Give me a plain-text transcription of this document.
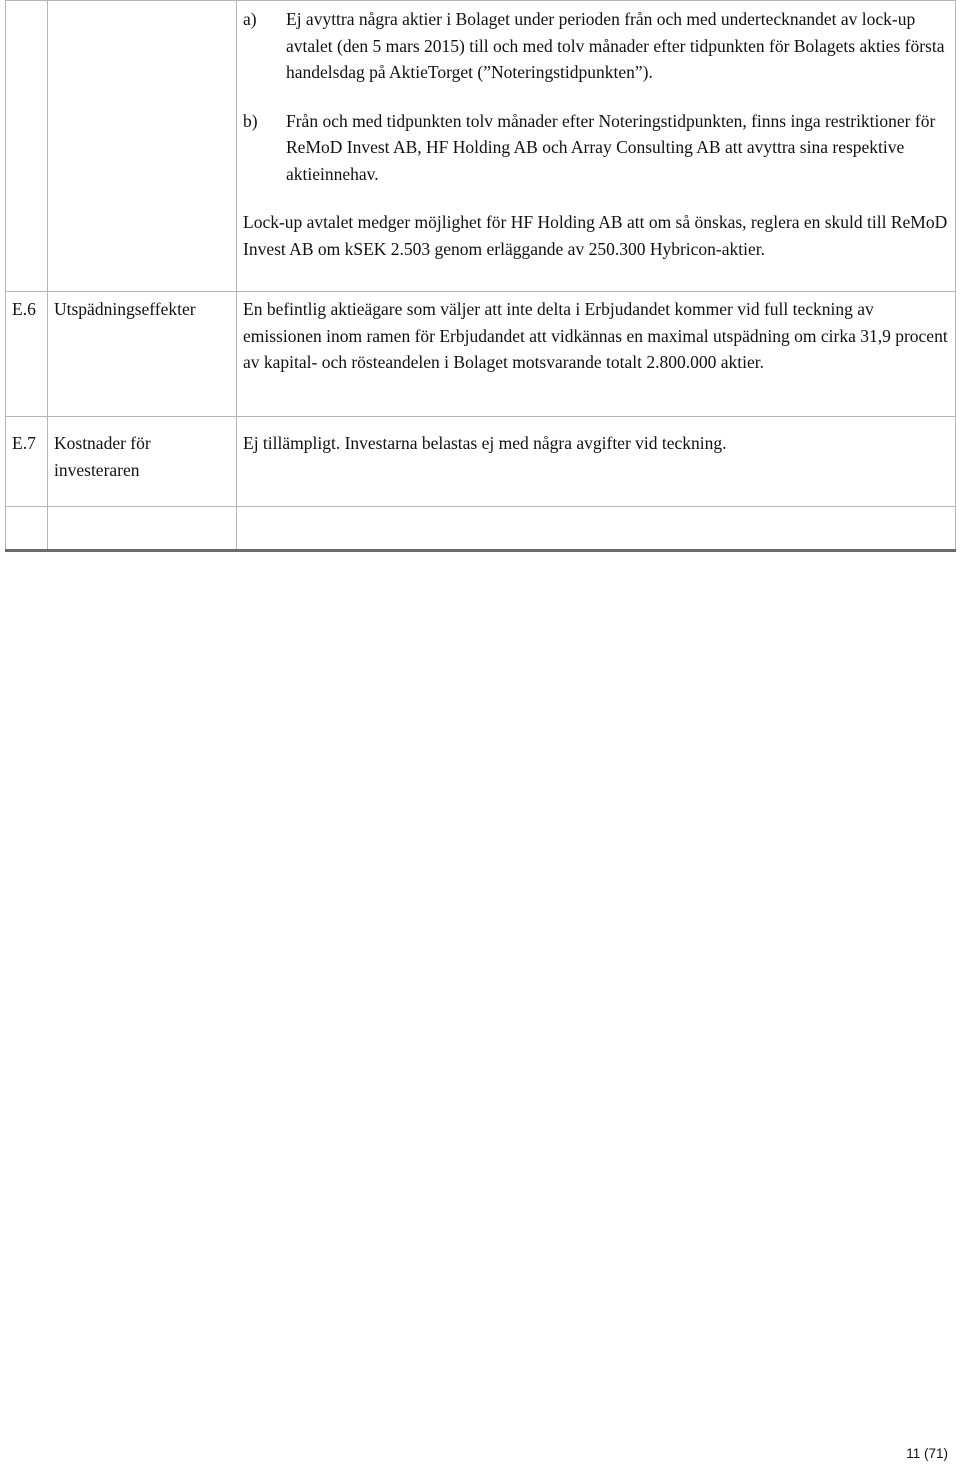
		a) Ej avyttra några aktier i Bolaget under perioden från och med undertecknandet av lock-up avtalet (den 5 mars 2015) till och med tolv månader efter tidpunkten för Bolagets akties första handelsdag på AktieTorget (”Noteringstidpunkten”).
b) Från och med tidpunkten tolv månader efter Noteringstidpunkten, finns inga restriktioner för ReMoD Invest AB, HF Holding AB och Array Consulting AB att avyttra sina respektive aktieinnehav.

Lock-up avtalet medger möjlighet för HF Holding AB att om så önskas, reglera en skuld till ReMoD Invest AB om kSEK 2.503 genom erläggande av 250.300 Hybricon-aktier.

E.6	Utspädningseffekter	En befintlig aktieägare som väljer att inte delta i Erbjudandet kommer vid full teckning av emissionen inom ramen för Erbjudandet att vidkännas en maximal utspädning om cirka 31,9 procent av kapital- och rösteandelen i Bolaget motsvarande totalt 2.800.000 aktier.
E.7	Kostnader för investeraren	Ej tillämpligt. Investarna belastas ej med några avgifter vid teckning.

11 (71)
